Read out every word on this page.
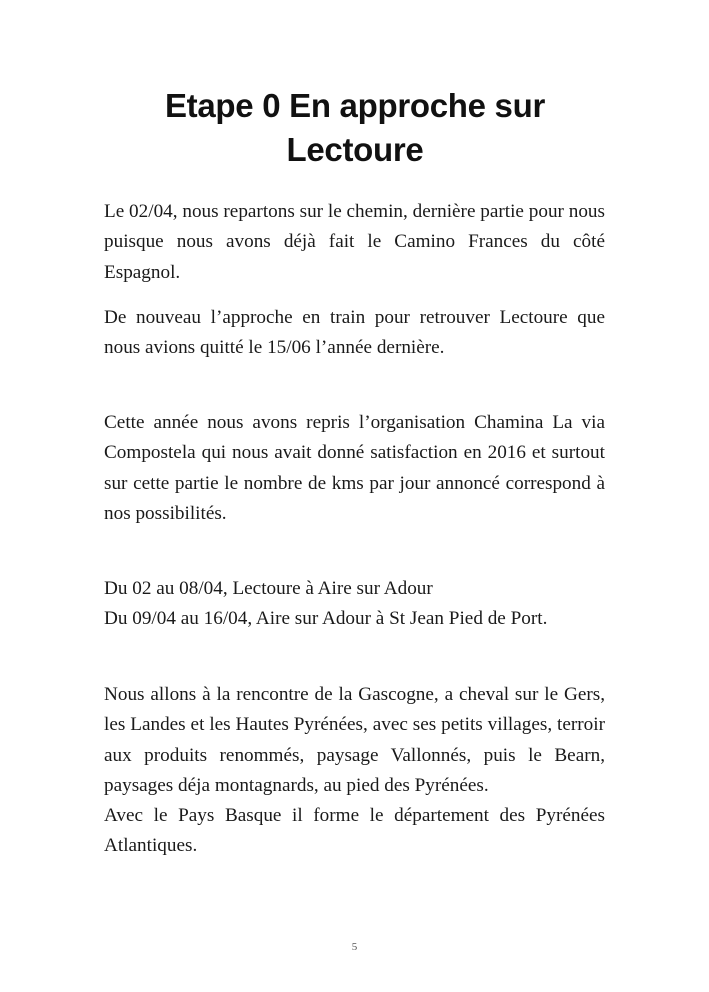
Etape 0 En approche sur
Lectoure

Le 02/04, nous repartons sur le chemin, dernière partie pour nous puisque nous avons déjà fait le Camino Frances du côté Espagnol.

De nouveau l’approche en train pour retrouver Lectoure que nous avions quitté le 15/06 l’année dernière.

Cette année nous avons repris l’organisation Chamina La via Compostela qui nous avait donné satisfaction en 2016 et surtout sur cette partie le nombre de kms par jour annoncé correspond à nos possibilités.

Du 02 au 08/04, Lectoure à Aire sur Adour
Du 09/04 au 16/04, Aire sur Adour à St Jean Pied de Port.
Nous allons à la rencontre de la Gascogne, a cheval sur le Gers, les Landes et les Hautes Pyrénées, avec ses petits villages, terroir aux produits renommés, paysage Vallonnés, puis le Bearn, paysages déja montagnards, au pied des Pyrénées.
Avec le Pays Basque il forme le département des Pyrénées Atlantiques.
5
